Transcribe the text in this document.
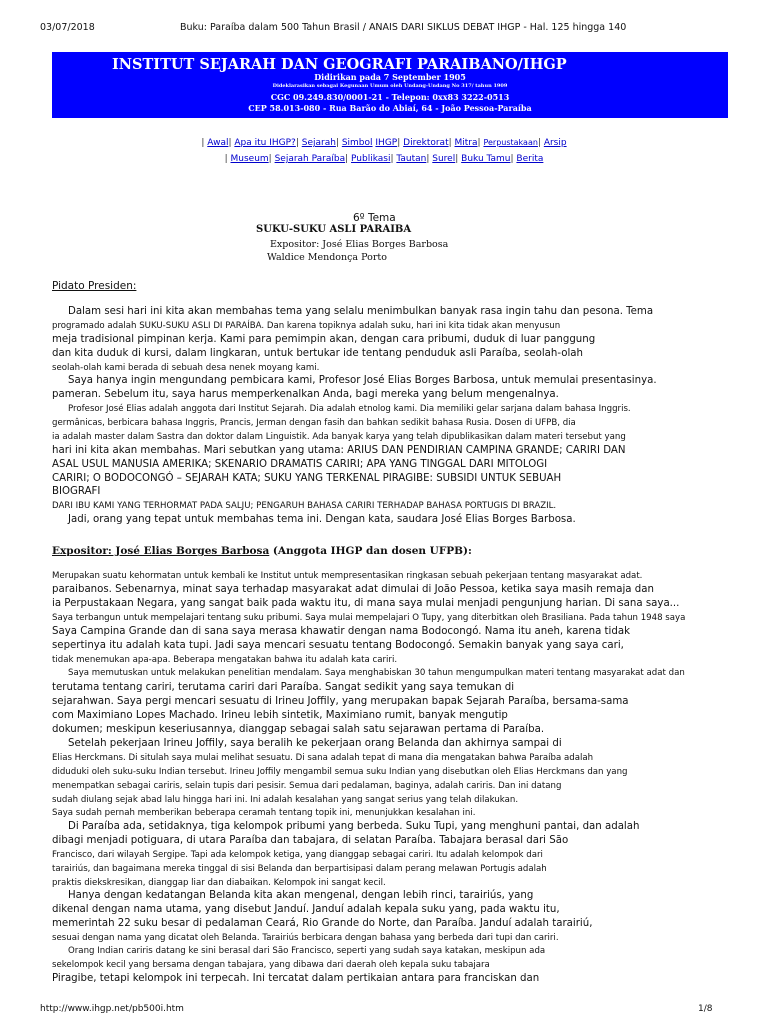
03/07/2018	Buku: Paraíba dalam 500 Tahun Brasil / ANAIS DARI SIKLUS DEBAT IHGP - Hal. 125 hingga 140
INSTITUT SEJARAH DAN GEOGRAFI PARAIBANO/IHGP
Didirikan pada 7 September 1905
Dideklarasikan sebagai Kegunaan Umum oleh Undang-Undang No 317/ tahun 1909
CGC 09.249.830/0001-21 - Telepon: 0xx83 3222-0513
CEP 58.013-080 - Rua Barão do Abiaí, 64 - João Pessoa-Paraíba
| Awal| Apa itu IHGP?| Sejarah| Simbol IHGP| Direktorat| Mitra| Perpustakaan| Arsip
| Museum| Sejarah Paraíba| Publikasi| Tautan| Surel| Buku Tamu| Berita
6º Tema
SUKU-SUKU ASLI PARAIBA
Expositor: José Elias Borges Barbosa
Waldice Mendonça Porto
Pidato Presiden:
Dalam sesi hari ini kita akan membahas tema yang selalu menimbulkan banyak rasa ingin tahu dan pesona. Tema
programado adalah SUKU-SUKU ASLI DI PARAÍBA. Dan karena topiknya adalah suku, hari ini kita tidak akan menyusun
meja tradisional pimpinan kerja. Kami para pemimpin akan, dengan cara pribumi, duduk di luar panggung
dan kita duduk di kursi, dalam lingkaran, untuk bertukar ide tentang penduduk asli Paraíba, seolah-olah
seolah-olah kami berada di sebuah desa nenek moyang kami.
Saya hanya ingin mengundang pembicara kami, Profesor José Elias Borges Barbosa, untuk memulai presentasinya.
pameran. Sebelum itu, saya harus memperkenalkan Anda, bagi mereka yang belum mengenalnya.
Profesor José Elias adalah anggota dari Institut Sejarah. Dia adalah etnolog kami. Dia memiliki gelar sarjana dalam bahasa Inggris.
germânicas, berbicara bahasa Inggris, Prancis, Jerman dengan fasih dan bahkan sedikit bahasa Rusia. Dosen di UFPB, dia
ia adalah master dalam Sastra dan doktor dalam Linguistik. Ada banyak karya yang telah dipublikasikan dalam materi tersebut yang
hari ini kita akan membahas. Mari sebutkan yang utama: ARIUS DAN PENDIRIAN CAMPINA GRANDE; CARIRI DAN
ASAL USUL MANUSIA AMERIKA; SKENARIO DRAMATIS CARIRI; APA YANG TINGGAL DARI MITOLOGI
CARIRI; O BODOCONGÓ – SEJARAH KATA; SUKU YANG TERKENAL PIRAGIBE: SUBSIDI UNTUK SEBUAH
BIOGRAFI
DARI IBU KAMI YANG TERHORMAT PADA SALJU; PENGARUH BAHASA CARIRI TERHADAP BAHASA PORTUGIS DI BRAZIL.
Jadi, orang yang tepat untuk membahas tema ini. Dengan kata, saudara José Elias Borges Barbosa.
Expositor: José Elias Borges Barbosa (Anggota IHGP dan dosen UFPB):
Merupakan suatu kehormatan untuk kembali ke Institut untuk mempresentasikan ringkasan sebuah pekerjaan tentang masyarakat adat.
paraibanos. Sebenarnya, minat saya terhadap masyarakat adat dimulai di João Pessoa, ketika saya masih remaja dan
ia Perpustakaan Negara, yang sangat baik pada waktu itu, di mana saya mulai menjadi pengunjung harian. Di sana saya...
Saya terbangun untuk mempelajari tentang suku pribumi. Saya mulai mempelajari O Tupy, yang diterbitkan oleh Brasiliana. Pada tahun 1948 saya
Saya Campina Grande dan di sana saya merasa khawatir dengan nama Bodocongó. Nama itu aneh, karena tidak
sepertinya itu adalah kata tupi. Jadi saya mencari sesuatu tentang Bodocongó. Semakin banyak yang saya cari,
tidak menemukan apa-apa. Beberapa mengatakan bahwa itu adalah kata cariri.
Saya memutuskan untuk melakukan penelitian mendalam. Saya menghabiskan 30 tahun mengumpulkan materi tentang masyarakat adat dan
terutama tentang cariri, terutama cariri dari Paraíba. Sangat sedikit yang saya temukan di
sejarahwan. Saya pergi mencari sesuatu di Irineu Joffily, yang merupakan bapak Sejarah Paraíba, bersama-sama
com Maximiano Lopes Machado. Irineu lebih sintetik, Maximiano rumit, banyak mengutip
dokumen; meskipun keseriusannya, dianggap sebagai salah satu sejarawan pertama di Paraíba.
Setelah pekerjaan Irineu Joffily, saya beralih ke pekerjaan orang Belanda dan akhirnya sampai di
Elias Herckmans. Di situlah saya mulai melihat sesuatu. Di sana adalah tepat di mana dia mengatakan bahwa Paraíba adalah
diduduki oleh suku-suku Indian tersebut. Irineu Joffily mengambil semua suku Indian yang disebutkan oleh Elias Herckmans dan yang
menempatkan sebagai cariris, selain tupis dari pesisir. Semua dari pedalaman, baginya, adalah cariris. Dan ini datang
sudah diulang sejak abad lalu hingga hari ini. Ini adalah kesalahan yang sangat serius yang telah dilakukan.
Saya sudah pernah memberikan beberapa ceramah tentang topik ini, menunjukkan kesalahan ini.
Di Paraíba ada, setidaknya, tiga kelompok pribumi yang berbeda. Suku Tupi, yang menghuni pantai, dan adalah
dibagi menjadi potiguara, di utara Paraíba dan tabajara, di selatan Paraíba. Tabajara berasal dari São
Francisco, dari wilayah Sergipe. Tapi ada kelompok ketiga, yang dianggap sebagai cariri. Itu adalah kelompok dari
tarairiús, dan bagaimana mereka tinggal di sisi Belanda dan berpartisipasi dalam perang melawan Portugis adalah
praktis diekskresikan, dianggap liar dan diabaikan. Kelompok ini sangat kecil.
Hanya dengan kedatangan Belanda kita akan mengenal, dengan lebih rinci, tarairiús, yang
dikenal dengan nama utama, yang disebut Janduí. Janduí adalah kepala suku yang, pada waktu itu,
memerintah 22 suku besar di pedalaman Ceará, Rio Grande do Norte, dan Paraíba. Janduí adalah tarairiú,
sesuai dengan nama yang dicatat oleh Belanda. Tarairiús berbicara dengan bahasa yang berbeda dari tupi dan cariri.
Orang Indian cariris datang ke sini berasal dari São Francisco, seperti yang sudah saya katakan, meskipun ada
sekelompok kecil yang bersama dengan tabajara, yang dibawa dari daerah oleh kepala suku tabajara
Piragibe, tetapi kelompok ini terpecah. Ini tercatat dalam pertikaian antara para franciskan dan
http://www.ihgp.net/pb500i.htm	1/8
